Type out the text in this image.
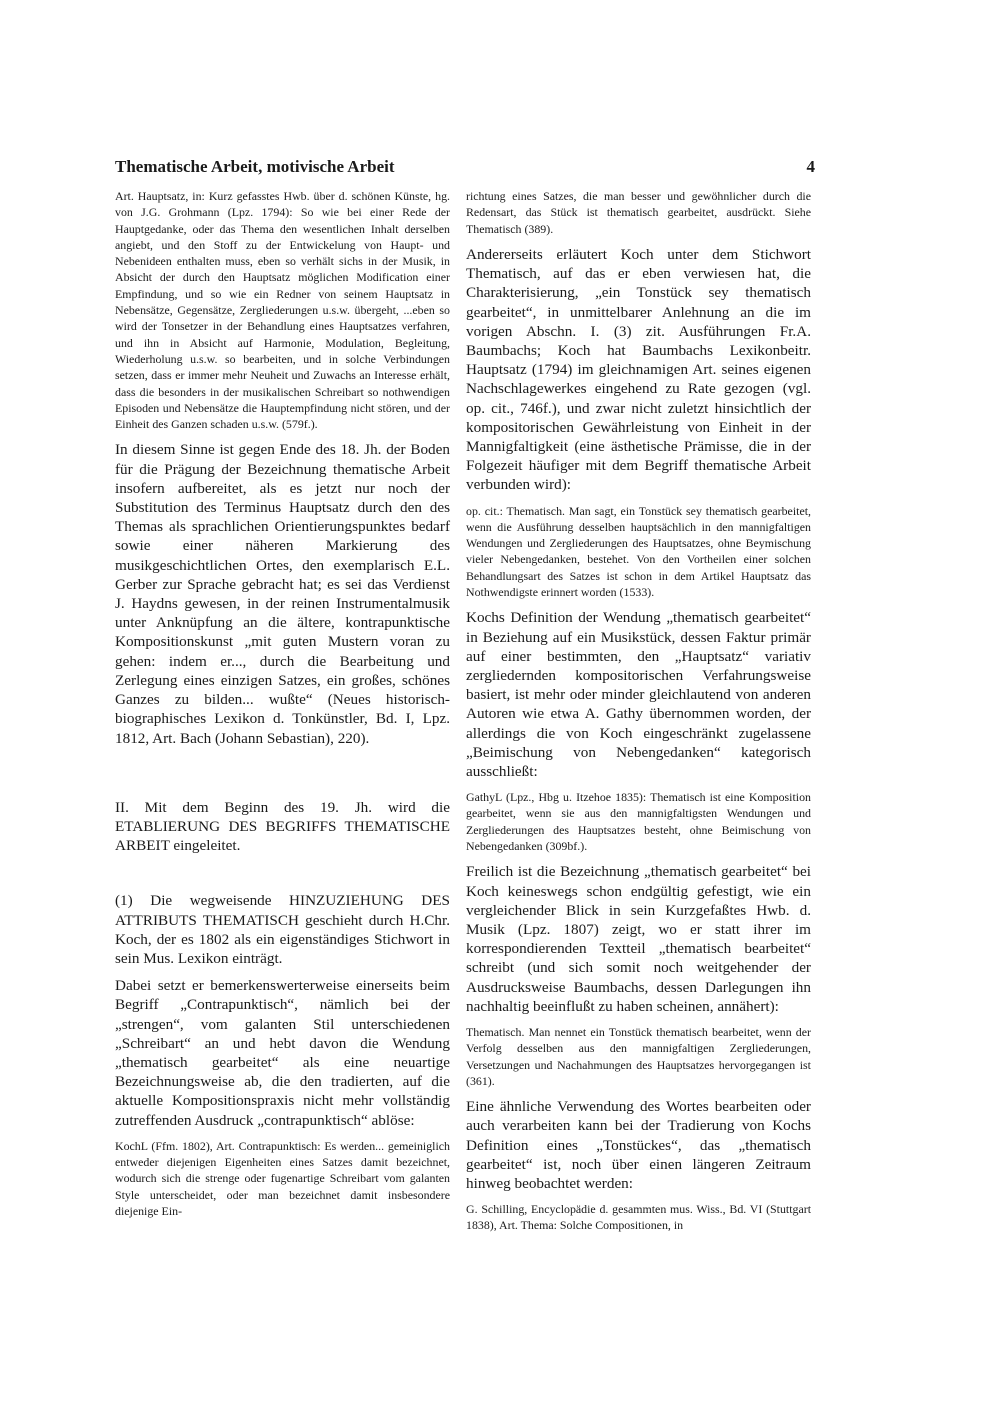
Thematische Arbeit, motivische Arbeit	4

Art. Hauptsatz, in: Kurz gefasstes Hwb. über d. schönen Künste, hg. von J.G. Grohmann (Lpz. 1794): So wie bei einer Rede der Hauptgedanke, oder das Thema den wesentlichen Inhalt derselben angiebt, und den Stoff zu der Entwickelung von Haupt- und Nebenideen enthalten muss, eben so verhält sichs in der Musik, in Absicht der durch den Hauptsatz möglichen Modification einer Empfindung, und so wie ein Redner von seinem Hauptsatz in Nebensätze, Gegensätze, Zergliederungen u.s.w. übergeht, ...eben so wird der Tonsetzer in der Behandlung eines Hauptsatzes verfahren, und ihn in Absicht auf Harmonie, Modulation, Begleitung, Wiederholung u.s.w. so bearbeiten, und in solche Verbindungen setzen, dass er immer mehr Neuheit und Zuwachs an Interesse erhält, dass die besonders in der musikalischen Schreibart so nothwendigen Episoden und Nebensätze die Hauptempfindung nicht stören, und der Einheit des Ganzen schaden u.s.w. (579f.).

In diesem Sinne ist gegen Ende des 18. Jh. der Boden für die Prägung der Bezeichnung thematische Arbeit insofern aufbereitet, als es jetzt nur noch der Substitution des Terminus Hauptsatz durch den des Themas als sprachlichen Orientierungspunktes bedarf sowie einer näheren Markierung des musikgeschichtlichen Ortes, den exemplarisch E.L. Gerber zur Sprache gebracht hat; es sei das Verdienst J. Haydns gewesen, in der reinen Instrumentalmusik unter Anknüpfung an die ältere, kontrapunktische Kompositionskunst „mit guten Mustern voran zu gehen: indem er..., durch die Bearbeitung und Zerlegung eines einzigen Satzes, ein großes, schönes Ganzes zu bilden... wußte“ (Neues historisch-biographisches Lexikon d. Tonkünstler, Bd. I, Lpz. 1812, Art. Bach (Johann Sebastian), 220).

II. Mit dem Beginn des 19. Jh. wird die ETABLIERUNG DES BEGRIFFS THEMATISCHE ARBEIT eingeleitet.

(1) Die wegweisende HINZUZIEHUNG DES ATTRIBUTS THEMATISCH geschieht durch H.Chr. Koch, der es 1802 als ein eigenständiges Stichwort in sein Mus. Lexikon einträgt.

Dabei setzt er bemerkenswerterweise einerseits beim Begriff „Contrapunktisch“, nämlich bei der „strengen“, vom galanten Stil unterschiedenen „Schreibart“ an und hebt davon die Wendung „thematisch gearbeitet“ als eine neuartige Bezeichnungsweise ab, die den tradierten, auf die aktuelle Kompositionspraxis nicht mehr vollständig zutreffenden Ausdruck „contrapunktisch“ ablöse:

KochL (Ffm. 1802), Art. Contrapunktisch: Es werden... gemeiniglich entweder diejenigen Eigenheiten eines Satzes damit bezeichnet, wodurch sich die strenge oder fugenartige Schreibart vom galanten Style unterscheidet, oder man bezeichnet damit insbesondere diejenige Ein-

richtung eines Satzes, die man besser und gewöhnlicher durch die Redensart, das Stück ist thematisch gearbeitet, ausdrückt. Siehe Thematisch (389).

Andererseits erläutert Koch unter dem Stichwort Thematisch, auf das er eben verwiesen hat, die Charakterisierung, „ein Tonstück sey thematisch gearbeitet“, in unmittelbarer Anlehnung an die im vorigen Abschn. I. (3) zit. Ausführungen Fr.A. Baumbachs; Koch hat Baumbachs Lexikonbeitr. Hauptsatz (1794) im gleichnamigen Art. seines eigenen Nachschlagewerkes eingehend zu Rate gezogen (vgl. op. cit., 746f.), und zwar nicht zuletzt hinsichtlich der kompositorischen Gewährleistung von Einheit in der Mannigfaltigkeit (eine ästhetische Prämisse, die in der Folgezeit häufiger mit dem Begriff thematische Arbeit verbunden wird):

op. cit.: Thematisch. Man sagt, ein Tonstück sey thematisch gearbeitet, wenn die Ausführung desselben hauptsächlich in den mannigfaltigen Wendungen und Zergliederungen des Hauptsatzes, ohne Beymischung vieler Nebengedanken, bestehet. Von den Vortheilen einer solchen Behandlungsart des Satzes ist schon in dem Artikel Hauptsatz das Nothwendigste erinnert worden (1533).

Kochs Definition der Wendung „thematisch gearbeitet“ in Beziehung auf ein Musikstück, dessen Faktur primär auf einer bestimmten, den „Hauptsatz“ variativ zergliedernden kompositorischen Verfahrungsweise basiert, ist mehr oder minder gleichlautend von anderen Autoren wie etwa A. Gathy übernommen worden, der allerdings die von Koch eingeschränkt zugelassene „Beimischung von Nebengedanken“ kategorisch ausschließt:

GathyL (Lpz., Hbg u. Itzehoe 1835): Thematisch ist eine Komposition gearbeitet, wenn sie aus den mannigfaltigsten Wendungen und Zergliederungen des Hauptsatzes besteht, ohne Beimischung von Nebengedanken (309bf.).

Freilich ist die Bezeichnung „thematisch gearbeitet“ bei Koch keineswegs schon endgültig gefestigt, wie ein vergleichender Blick in sein Kurzgefaßtes Hwb. d. Musik (Lpz. 1807) zeigt, wo er statt ihrer im korrespondierenden Textteil „thematisch bearbeitet“ schreibt (und sich somit noch weitgehender der Ausdrucksweise Baumbachs, dessen Darlegungen ihn nachhaltig beeinflußt zu haben scheinen, annähert):

Thematisch. Man nennet ein Tonstück thematisch bearbeitet, wenn der Verfolg desselben aus den mannigfaltigen Zergliederungen, Versetzungen und Nachahmungen des Hauptsatzes hervorgegangen ist (361).

Eine ähnliche Verwendung des Wortes bearbeiten oder auch verarbeiten kann bei der Tradierung von Kochs Definition eines „Tonstückes“, das „thematisch gearbeitet“ ist, noch über einen längeren Zeitraum hinweg beobachtet werden:

G. Schilling, Encyclopädie d. gesammten mus. Wiss., Bd. VI (Stuttgart 1838), Art. Thema: Solche Compositionen, in
